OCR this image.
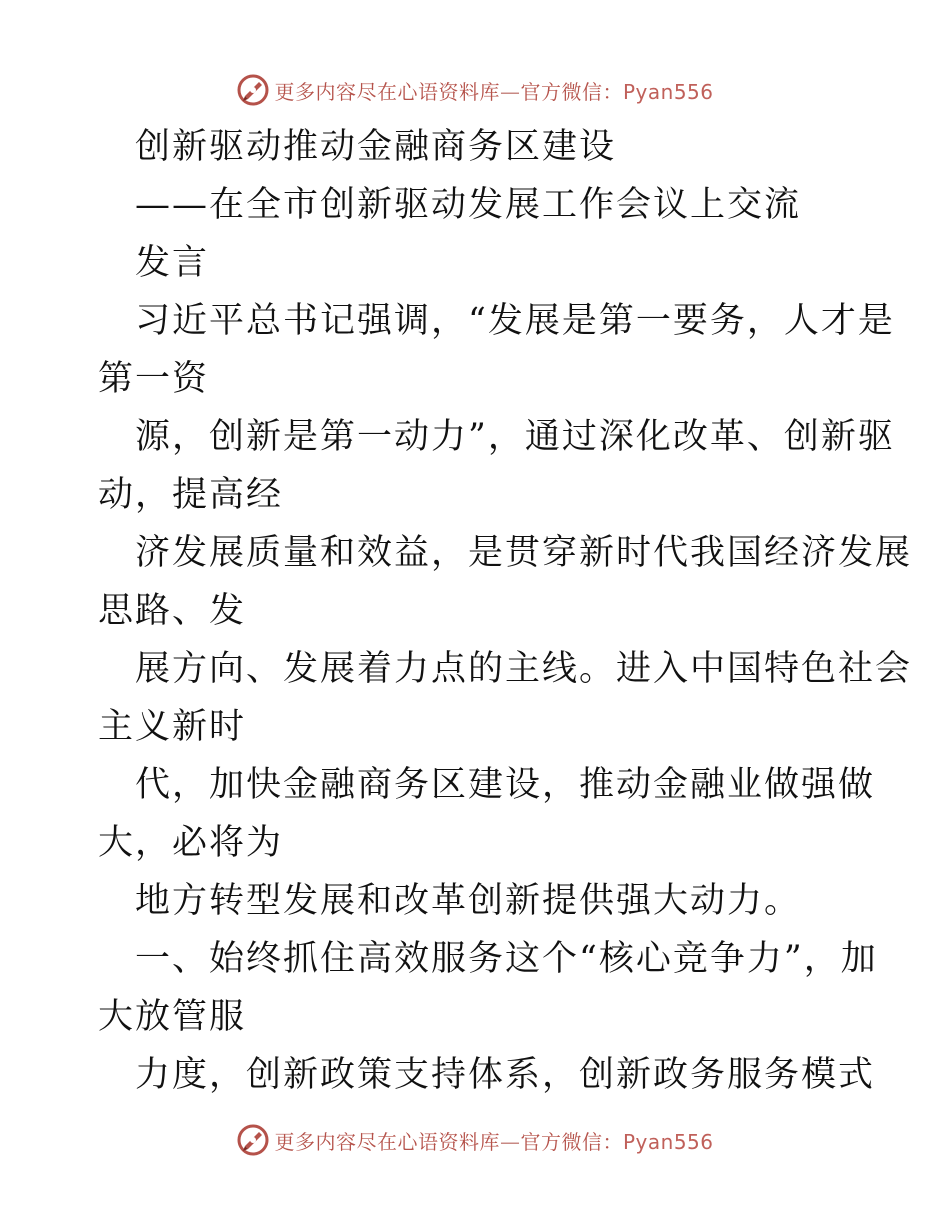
更多内容尽在心语资料库—官方微信：Pyan556
创新驱动推动金融商务区建设
——在全市创新驱动发展工作会议上交流
发言
习近平总书记强调，“发展是第一要务，人才是
第一资
源，创新是第一动力”，通过深化改革、创新驱
动，提高经
济发展质量和效益，是贯穿新时代我国经济发展
思路、发
展方向、发展着力点的主线。进入中国特色社会
主义新时
代，加快金融商务区建设，推动金融业做强做
大，必将为
地方转型发展和改革创新提供强大动力。
一、始终抓住高效服务这个“核心竞争力”，加
大放管服
力度，创新政策支持体系，创新政务服务模式
更多内容尽在心语资料库—官方微信：Pyan556
